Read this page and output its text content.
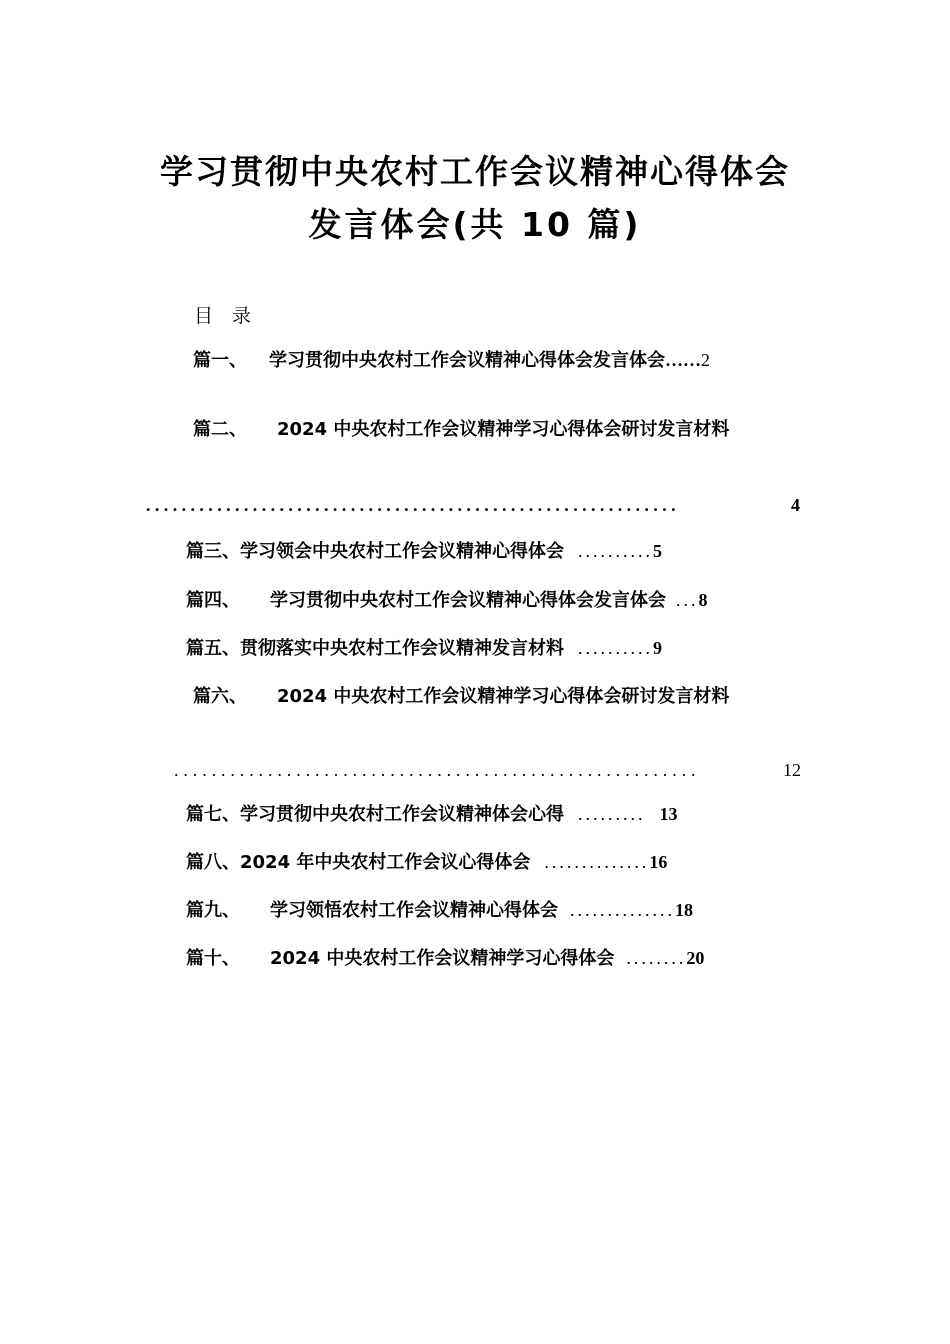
学习贯彻中央农村工作会议精神心得体会
发言体会(共 10 篇)
目　录
篇一、 学习贯彻中央农村工作会议精神心得体会发言体会 …… 2
篇二、 2024 中央农村工作会议精神学习心得体会研讨发言材料
............................................................	4
篇三、 学习领会中央农村工作会议精神心得体会 .......... 5
篇四、 学习贯彻中央农村工作会议精神心得体会发言体会 ... 8
篇五、 贯彻落实中央农村工作会议精神发言材料 .......... 9
篇六、 2024 中央农村工作会议精神学习心得体会研讨发言材料
........................................................	12
篇七、 学习贯彻中央农村工作会议精神体会心得 ......... 13
篇八、 2024 年中央农村工作会议心得体会 .............. 16
篇九、 学习领悟农村工作会议精神心得体会 .............. 18
篇十、 2024 中央农村工作会议精神学习心得体会 ........ 20
